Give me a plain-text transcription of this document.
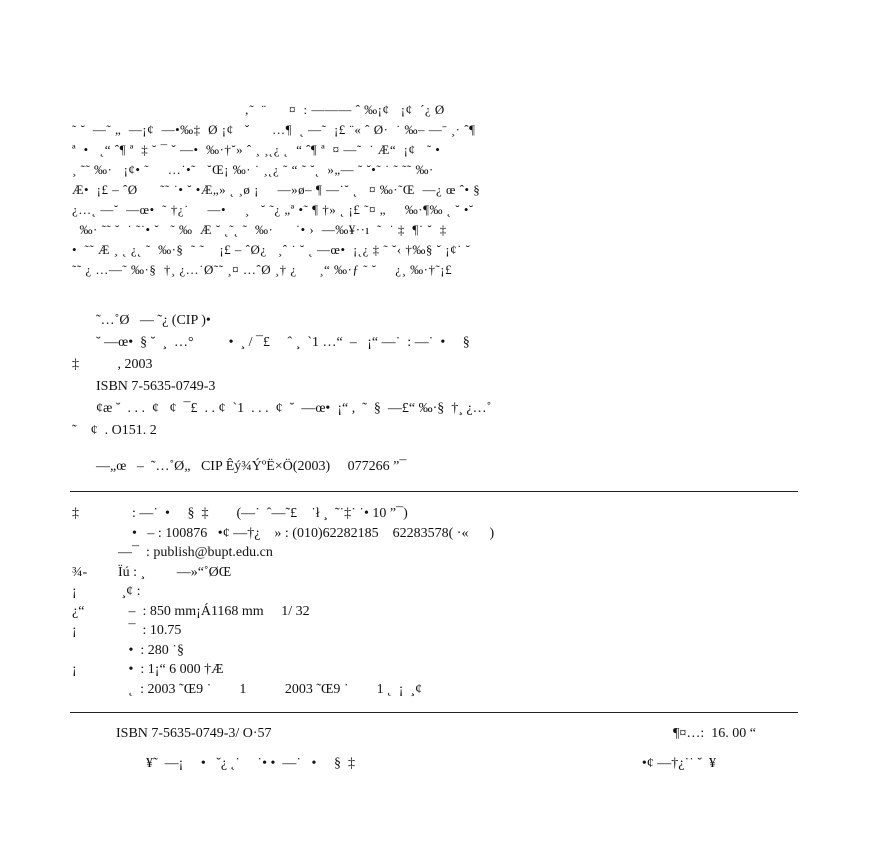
‚˜  ¨      ¤  : ——— ˆ ‰¡¢   ¡¢  ´¿ Ø
˜ ˘  —˜ „  —¡¢  —•‰‡  Ø ¡¢   ˇ      …¶  ˛ —˜  ¡£ ¨« ˆ Ø·  ˙ ‰– —ˉ ¸· ˆ¶
ª  •   ˛“ ˆ¶ ª  ‡ ˘ ¯ ˇ —•  ‰·†˘» ˆ ¸ ¸˛¿ ˛  “ ˆ¶ ª  ¤ —˜  ˙ Æ“  ¡¢   ˜ •
¸ ˜˜ ‰·   ¡¢• ˜     …˙•˜   ˘Œ¡ ‰· ˙ ¸˛¿ ˜ “ ˜ ˘˛  »„— ˜ ˘•˜ ˙ ˜ ˜˜ ‰·
Æ•  ¡£ – ˆØ      ˜˜ ˙• ˘ •Æ„» ˛ ¸ø ¡     —»ø– ¶ —˙˘ ˛   ¤ ‰·˜Œ  —¿ œ ˆ• §
¿…˛ —˘  —œ•  ˜ †¿˙     —•     ¸   ˘ ˜¿ „ª •˜ ¶ †» ˛ ¡£ ˜¤ „     ‰·¶‰ ˛ ˘ •˘
‰· ˜˜ ˘  ˙ ˜˙• ˘   ˜ ‰  Æ ˘ ˛˜˛ ˜  ‰·      ˙• ›  —‰¥··ı  ˜  ˙ ‡  ¶˙ ˘  ‡
•  ˜˜ Æ ¸ ˛ ¿˛ ˜  ‰·§  ˜ ˜    ¡£ – ˆØ¿   ¸ˆ ˙ ˘ ˛ —œ•  ¡˛¿ ‡ ˜ ˘‹ †‰§ ˘ ¡¢˙ ˘
˜˜ ¿ …—˜ ‰·§  †¸ ¿…˙Ø˜˜ ¸¤ …ˆØ ¸† ¿      ¸“ ‰·ƒ ˜ ˘     ¿¸ ‰·†˜¡£
˜…˚Ø   — ˜¿ (CIP )•
˘ —œ•  § ˘  ¸  …°          •  ¸ / ¯£     ˆ ¸  ˋ1 …“  –   ¡“ —˙  : —˙  •     §
‡           , 2003
ISBN 7-5635-0749-3
¢æ ˘  . . .  ¢   ¢  ¯£  . . ¢  ˋ1  . . .  ¢  ˘  —œ•  ¡“ ,  ˜  §  —£“ ‰·§  †¸ ¿…˚
˜    ¢  . O151. 2
—„œ   –  ˜…˚Ø„   CIP Êý¾ÝºË×Ö(2003)     077266 ”¯
‡	: —˙  •     §  ‡        (—˙  ˆ—˜£    ˙ł ¸  ˜˙‡˙ ˙• 10 ”¯)
•   – : 100876   •¢ —†¿    » : (010)62282185    62283578( ·«      )
—¯  : publish@bupt.edu.cn
¾-	Ïú : ¸         —»“˚ØŒ
¡	¸¢ :
¿“	–  : 850 mm¡Á1168 mm     1/ 32
¡	¯  : 10.75
•  : 280 ˙§
¡	•  : 1¡“ 6 000 †Æ
˛  : 2003 ˜Œ9 ˙        1           2003 ˜Œ9 ˙        1 ˛  ¡  ¸¢
ISBN 7-5635-0749-3/ O·57	¶¤…:  16. 00 “
¥˜  —¡     •   ˘¿ ˛˙     ˙• •  —˙   •     §  ‡	•¢ —†¿˙˙ ˘  ¥
